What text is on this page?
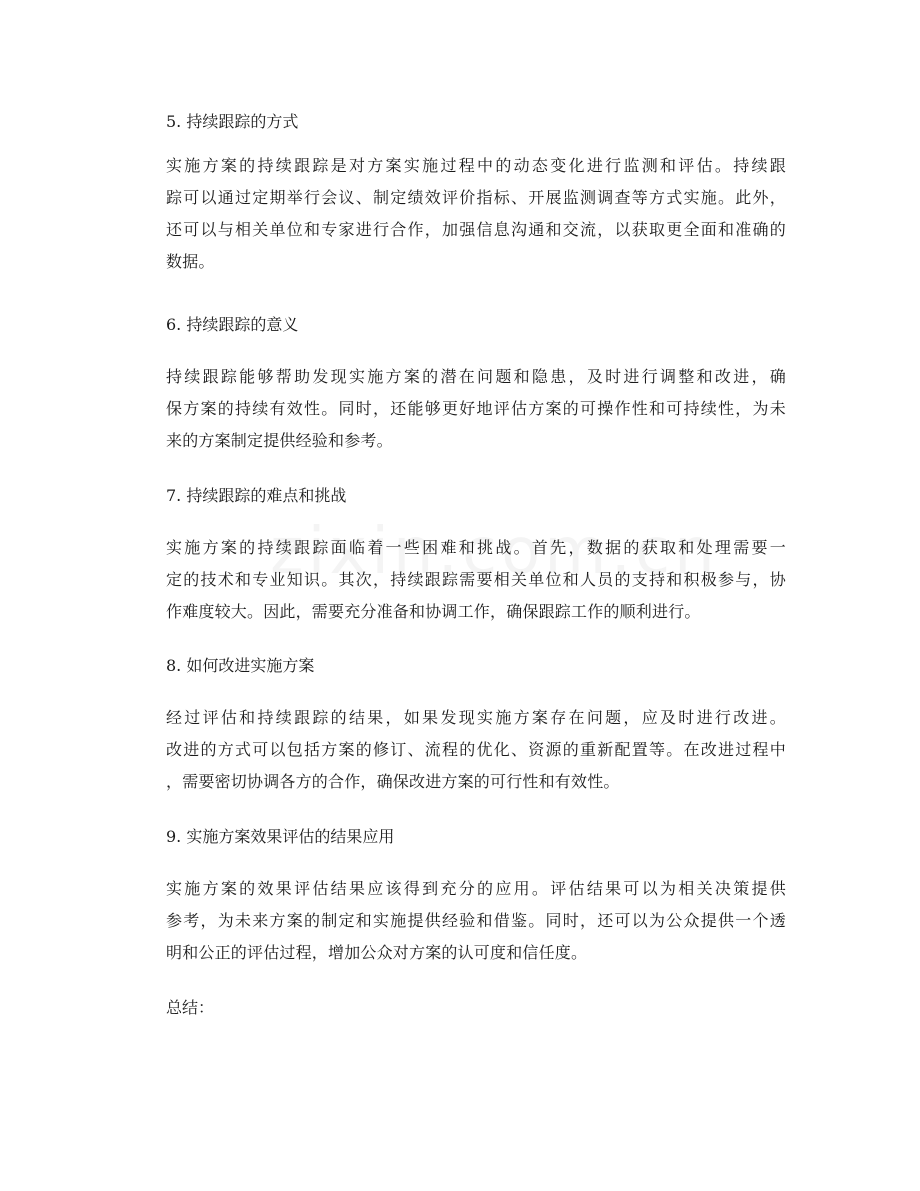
5. 持续跟踪的方式
实施方案的持续跟踪是对方案实施过程中的动态变化进行监测和评估。持续跟
踪可以通过定期举行会议、制定绩效评价指标、开展监测调查等方式实施。此外，
还可以与相关单位和专家进行合作，加强信息沟通和交流，以获取更全面和准确的
数据。
6. 持续跟踪的意义
持续跟踪能够帮助发现实施方案的潜在问题和隐患，及时进行调整和改进，确
保方案的持续有效性。同时，还能够更好地评估方案的可操作性和可持续性，为未
来的方案制定提供经验和参考。
7. 持续跟踪的难点和挑战
实施方案的持续跟踪面临着一些困难和挑战。首先，数据的获取和处理需要一
定的技术和专业知识。其次，持续跟踪需要相关单位和人员的支持和积极参与，协
作难度较大。因此，需要充分准备和协调工作，确保跟踪工作的顺利进行。
8. 如何改进实施方案
经过评估和持续跟踪的结果，如果发现实施方案存在问题，应及时进行改进。
改进的方式可以包括方案的修订、流程的优化、资源的重新配置等。在改进过程中
，需要密切协调各方的合作，确保改进方案的可行性和有效性。
9. 实施方案效果评估的结果应用
实施方案的效果评估结果应该得到充分的应用。评估结果可以为相关决策提供
参考，为未来方案的制定和实施提供经验和借鉴。同时，还可以为公众提供一个透
明和公正的评估过程，增加公众对方案的认可度和信任度。
总结：
